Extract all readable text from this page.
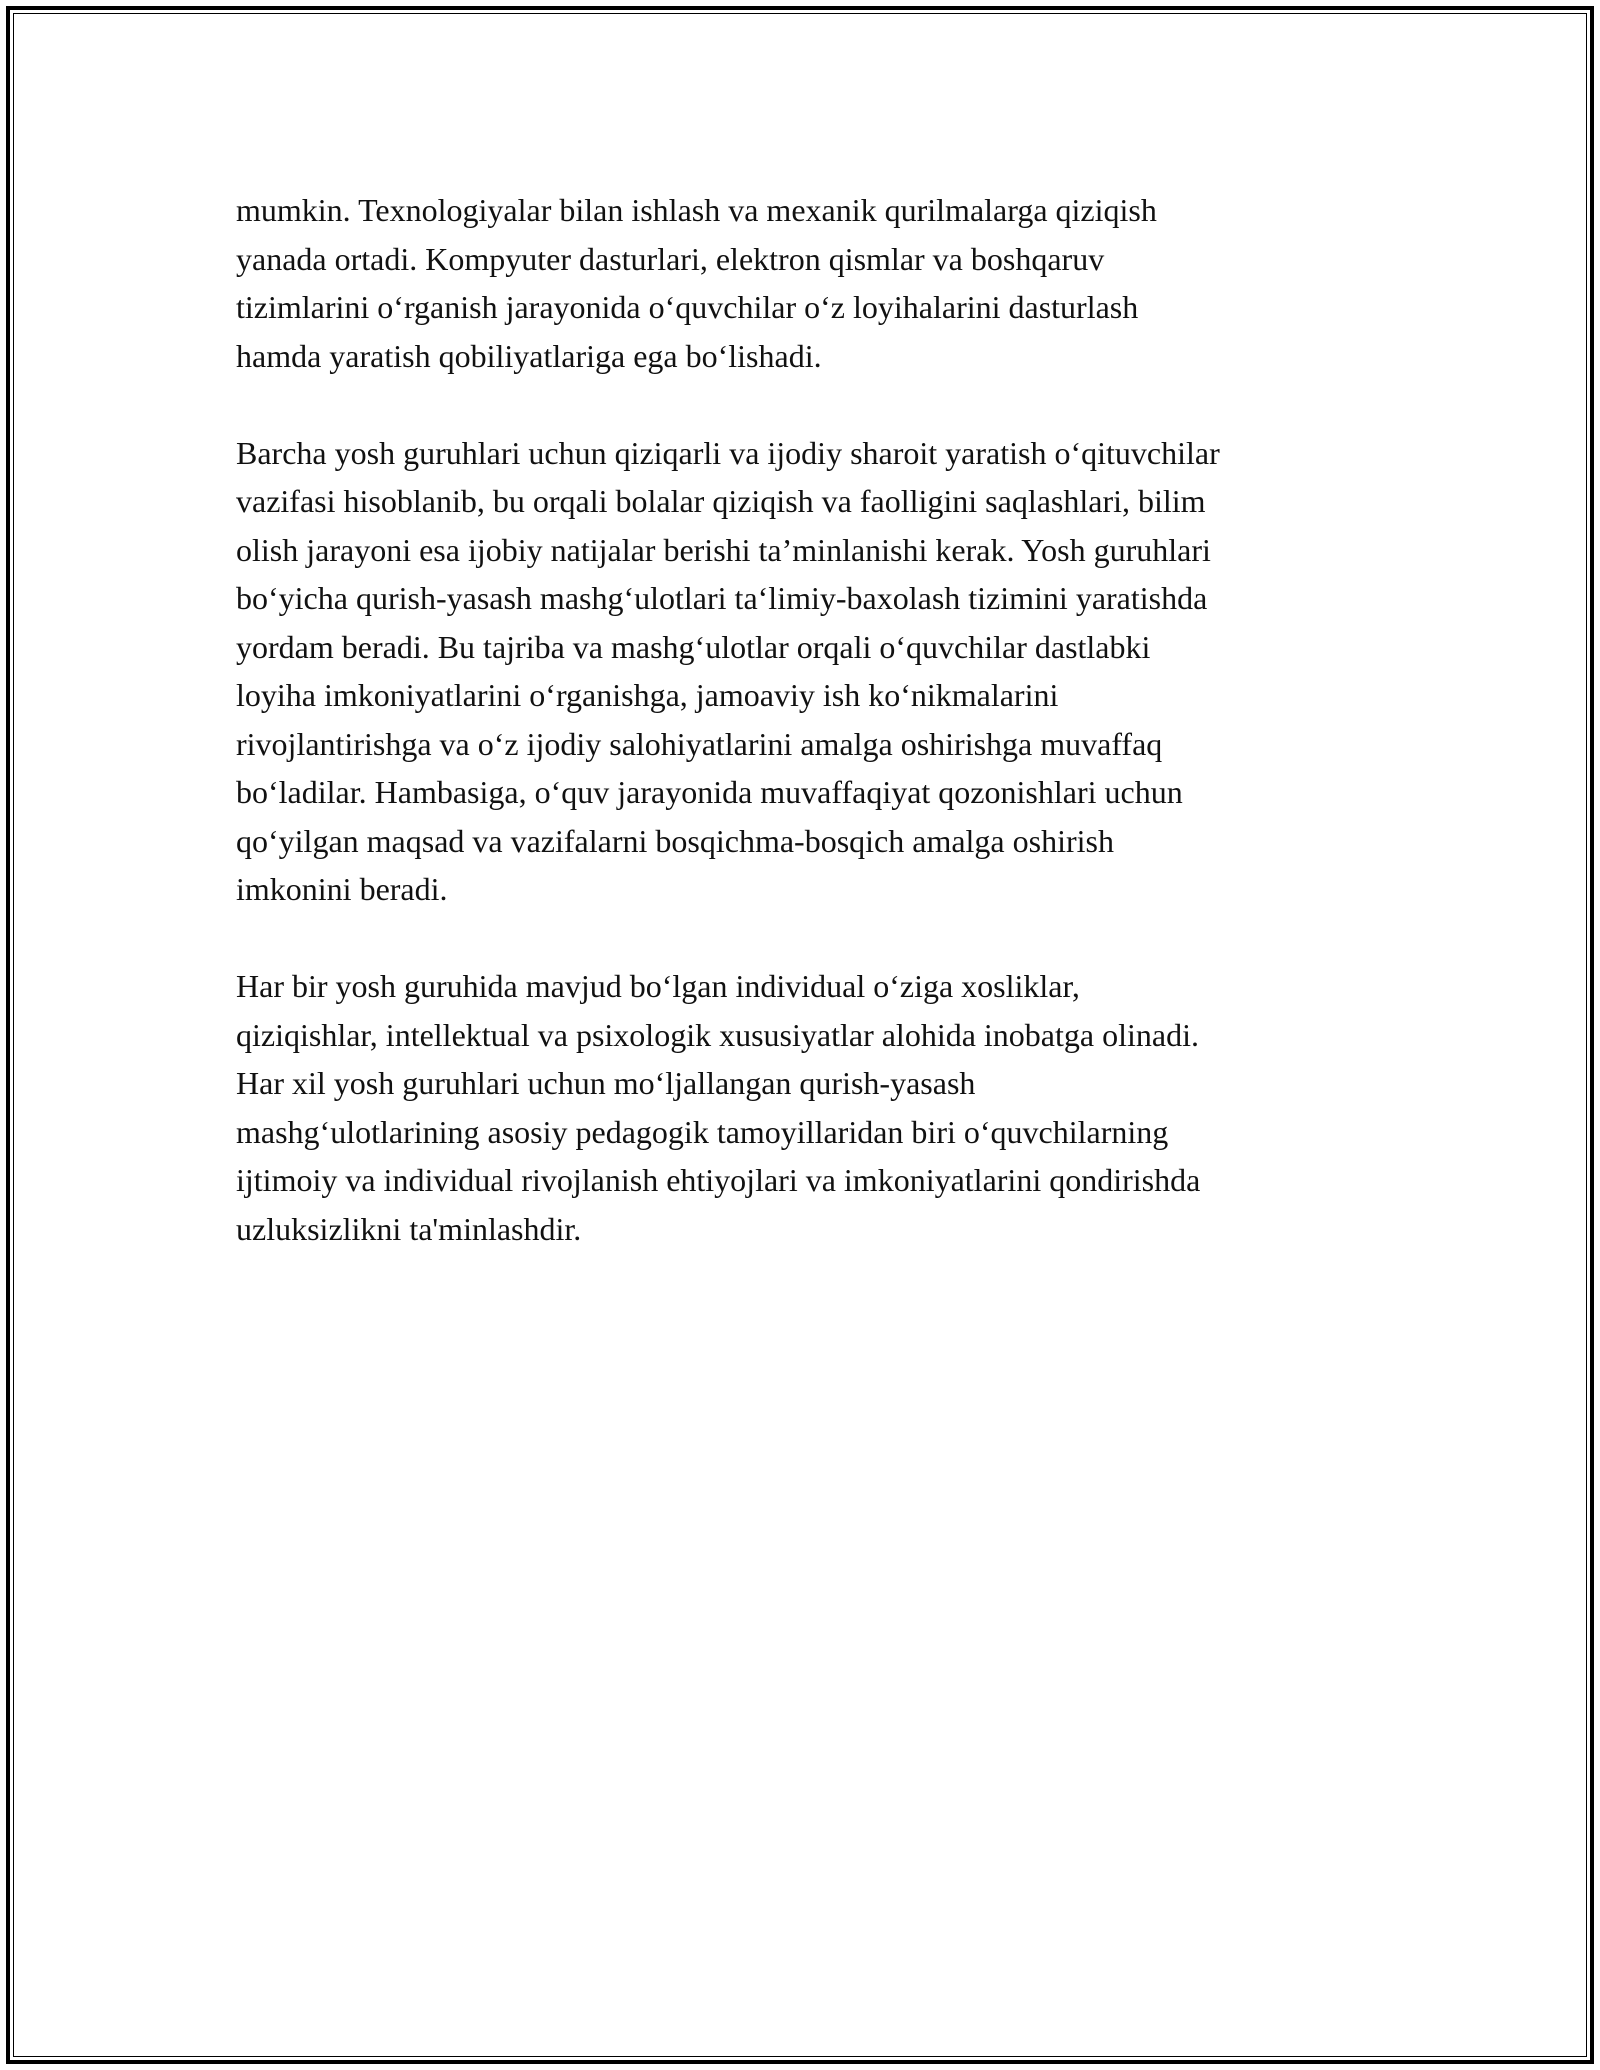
mumkin. Texnologiyalar bilan ishlash va mexanik qurilmalarga qiziqish
yanada ortadi. Kompyuter dasturlari, elektron qismlar va boshqaruv
tizimlarini o‘rganish jarayonida o‘quvchilar o‘z loyihalarini dasturlash
hamda yaratish qobiliyatlariga ega bo‘lishadi.
Barcha yosh guruhlari uchun qiziqarli va ijodiy sharoit yaratish o‘qituvchilar
vazifasi hisoblanib, bu orqali bolalar qiziqish va faolligini saqlashlari, bilim
olish jarayoni esa ijobiy natijalar berishi ta’minlanishi kerak. Yosh guruhlari
bo‘yicha qurish-yasash mashg‘ulotlari ta‘limiy-baxolash tizimini yaratishda
yordam beradi. Bu tajriba va mashg‘ulotlar orqali o‘quvchilar dastlabki
loyiha imkoniyatlarini o‘rganishga, jamoaviy ish ko‘nikmalarini
rivojlantirishga va o‘z ijodiy salohiyatlarini amalga oshirishga muvaffaq
bo‘ladilar. Hambasiga, o‘quv jarayonida muvaffaqiyat qozonishlari uchun
qo‘yilgan maqsad va vazifalarni bosqichma-bosqich amalga oshirish
imkonini beradi.
Har bir yosh guruhida mavjud bo‘lgan individual o‘ziga xosliklar,
qiziqishlar, intellektual va psixologik xususiyatlar alohida inobatga olinadi.
Har xil yosh guruhlari uchun mo‘ljallangan qurish-yasash
mashg‘ulotlarining asosiy pedagogik tamoyillaridan biri o‘quvchilarning
ijtimoiy va individual rivojlanish ehtiyojlari va imkoniyatlarini qondirishda
uzluksizlikni ta'minlashdir.
